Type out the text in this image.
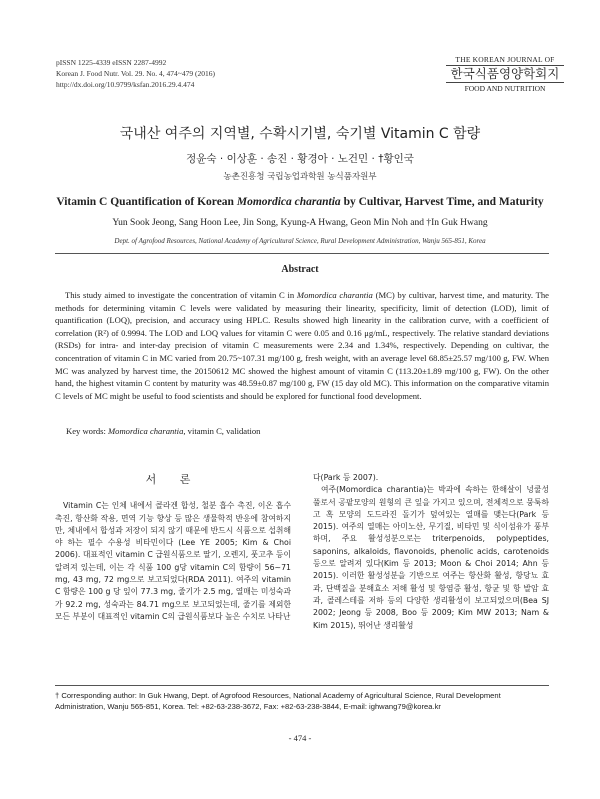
pISSN 1225-4339 eISSN 2287-4992
Korean J. Food Nutr. Vol. 29. No. 4, 474~479 (2016)
http://dx.doi.org/10.9799/ksfan.2016.29.4.474
THE KOREAN JOURNAL OF
한국식품영양학회지
FOOD AND NUTRITION
국내산 여주의 지역별, 수확시기별, 숙기별 Vitamin C 함량
정윤숙 · 이상훈 · 송진 · 황경아 · 노건민 · †황인국
농촌진흥청 국립농업과학원 농식품자원부
Vitamin C Quantification of Korean Momordica charantia by Cultivar, Harvest Time, and Maturity
Yun Sook Jeong, Sang Hoon Lee, Jin Song, Kyung-A Hwang, Geon Min Noh and †In Guk Hwang
Dept. of Agrofood Resources, National Academy of Agricultural Science, Rural Development Administration, Wanju 565-851, Korea
Abstract
This study aimed to investigate the concentration of vitamin C in Momordica charantia (MC) by cultivar, harvest time, and maturity. The methods for determining vitamin C levels were validated by measuring their linearity, specificity, limit of detection (LOD), limit of quantification (LOQ), precision, and accuracy using HPLC. Results showed high linearity in the calibration curve, with a coefficient of correlation (R²) of 0.9994. The LOD and LOQ values for vitamin C were 0.05 and 0.16 μg/mL, respectively. The relative standard deviations (RSDs) for intra- and inter-day precision of vitamin C measurements were 2.34 and 1.34%, respectively. Depending on cultivar, the concentration of vitamin C in MC varied from 20.75~107.31 mg/100 g, fresh weight, with an average level 68.85±25.57 mg/100 g, FW. When MC was analyzed by harvest time, the 20150612 MC showed the highest amount of vitamin C (113.20±1.89 mg/100 g, FW). On the other hand, the highest vitamin C content by maturity was 48.59±0.87 mg/100 g, FW (15 day old MC). This information on the comparative vitamin C levels of MC might be useful to food scientists and should be explored for functional food development.
Key words: Momordica charantia, vitamin C, validation
서 론

Vitamin C는 인체 내에서 콜라겐 합성, 철분 흡수 촉진, 이온 흡수 촉진, 항산화 작용, 면역 기능 향상 등 많은 생물학적 반응에 참여하지만, 체내에서 합성과 저장이 되지 않기 때문에 반드시 식품으로 섭취해야 하는 필수 수용성 비타민이다 (Lee YE 2005; Kim & Choi 2006). 대표적인 vitamin C 급원식품으로 딸기, 오렌지, 풋고추 등이 알려져 있는데, 이는 각 식품 100 g당 vitamin C의 함량이 56~71 mg, 43 mg, 72 mg으로 보고되었다(RDA 2011). 여주의 vitamin C 함량은 100 g 당 잎이 77.3 mg, 줄기가 2.5 mg, 열매는 미성숙과가 92.2 mg, 성숙과는 84.71 mg으로 보고되었는데, 줄기를 제외한 모든 부분이 대표적인 vitamin C의 급원식품보다 높은 수치로 나타난

다(Park 등 2007).

여주(Momordica charantia)는 박과에 속하는 한해살이 넝쿨성 풀로서 공팥모양의 원형의 큰 잎을 가지고 있으며, 전체적으로 뭉툭하고 혹 모양의 도드라진 돌기가 덮여있는 열매를 맺는다(Park 등 2015). 여주의 열매는 아미노산, 무기질, 비타민 및 식이섬유가 풍부하며, 주요 활성성분으로는 triterpenoids, polypeptides, saponins, alkaloids, flavonoids, phenolic acids, carotenoids 등으로 알려져 있다(Kim 등 2013; Moon & Choi 2014; Ahn 등 2015). 이러한 활성성분을 기반으로 여주는 항산화 활성, 항당뇨 효과, 단백질을 분해효소 저해 활성 및 항염증 활성, 항균 및 항 발암 효과, 콜레스테롤 저하 등의 다양한 생리활성이 보고되었으며(Bea SJ 2002; Jeong 등 2008, Boo 등 2009; Kim MW 2013; Nam & Kim 2015), 뛰어난 생리활성

† Corresponding author: In Guk Hwang, Dept. of Agrofood Resources, National Academy of Agricultural Science, Rural Development Administration, Wanju 565-851, Korea. Tel: +82-63-238-3672, Fax: +82-63-238-3844, E-mail: ighwang79@korea.kr
- 474 -
